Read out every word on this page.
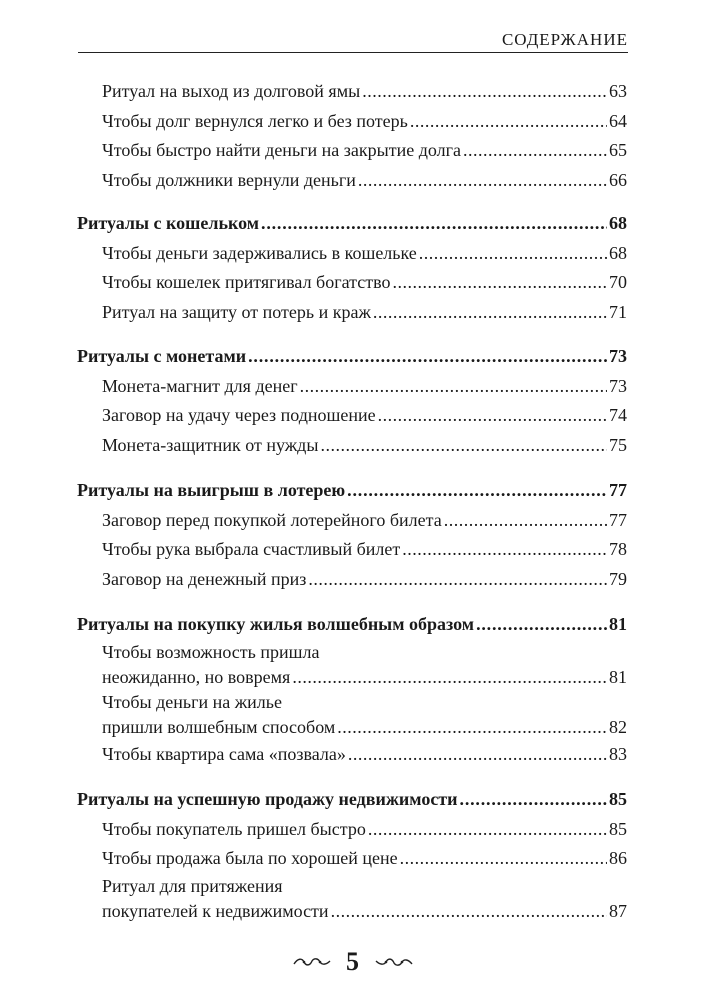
СОДЕРЖАНИЕ
Ритуал на выход из долговой ямы .....	63
Чтобы долг вернулся легко и без потерь .....	64
Чтобы быстро найти деньги на закрытие долга .....	65
Чтобы должники вернули деньги .....	66
Ритуалы с кошельком .....	68
Чтобы деньги задерживались в кошельке .....	68
Чтобы кошелек притягивал богатство .....	70
Ритуал на защиту от потерь и краж .....	71
Ритуалы с монетами .....	73
Монета-магнит для денег .....	73
Заговор на удачу через подношение .....	74
Монета-защитник от нужды .....	75
Ритуалы на выигрыш в лотерею .....	77
Заговор перед покупкой лотерейного билета .....	77
Чтобы рука выбрала счастливый билет .....	78
Заговор на денежный приз .....	79
Ритуалы на покупку жилья волшебным образом .....	81
Чтобы возможность пришла
неожиданно, но вовремя .....	81
Чтобы деньги на жилье
пришли волшебным способом .....	82
Чтобы квартира сама «позвала» .....	83
Ритуалы на успешную продажу недвижимости .....	85
Чтобы покупатель пришел быстро .....	85
Чтобы продажа была по хорошей цене .....	86
Ритуал для притяжения
покупателей к недвижимости .....	87
5
